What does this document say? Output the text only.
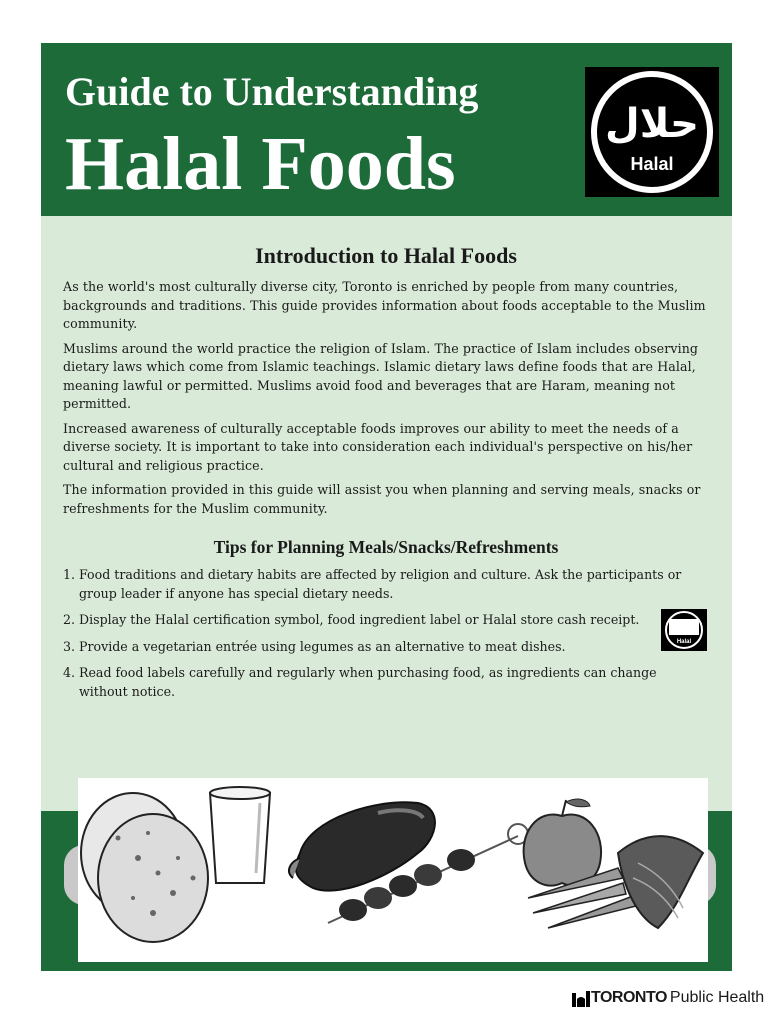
Guide to Understanding
Halal Foods	حلال
Halal
Introduction to Halal Foods

As the world's most culturally diverse city, Toronto is enriched by people from many countries, backgrounds and traditions. This guide provides information about foods acceptable to the Muslim community.

Muslims around the world practice the religion of Islam. The practice of Islam includes observing dietary laws which come from Islamic teachings. Islamic dietary laws define foods that are Halal, meaning lawful or permitted. Muslims avoid food and beverages that are Haram, meaning not permitted.

Increased awareness of culturally acceptable foods improves our ability to meet the needs of a diverse society. It is important to take into consideration each individual's perspective on his/her cultural and religious practice.

The information provided in this guide will assist you when planning and serving meals, snacks or refreshments for the Muslim community.

Tips for Planning Meals/Snacks/Refreshments
1. Food traditions and dietary habits are affected by religion and culture. Ask the participants or group leader if anyone has special dietary needs.
2. Display the Halal certification symbol, food ingredient label or Halal store cash receipt.
3. Provide a vegetarian entrée using legumes as an alternative to meat dishes.
4. Read food labels carefully and regularly when purchasing food, as ingredients can change without notice.
Halal
TORONTO Public Health
